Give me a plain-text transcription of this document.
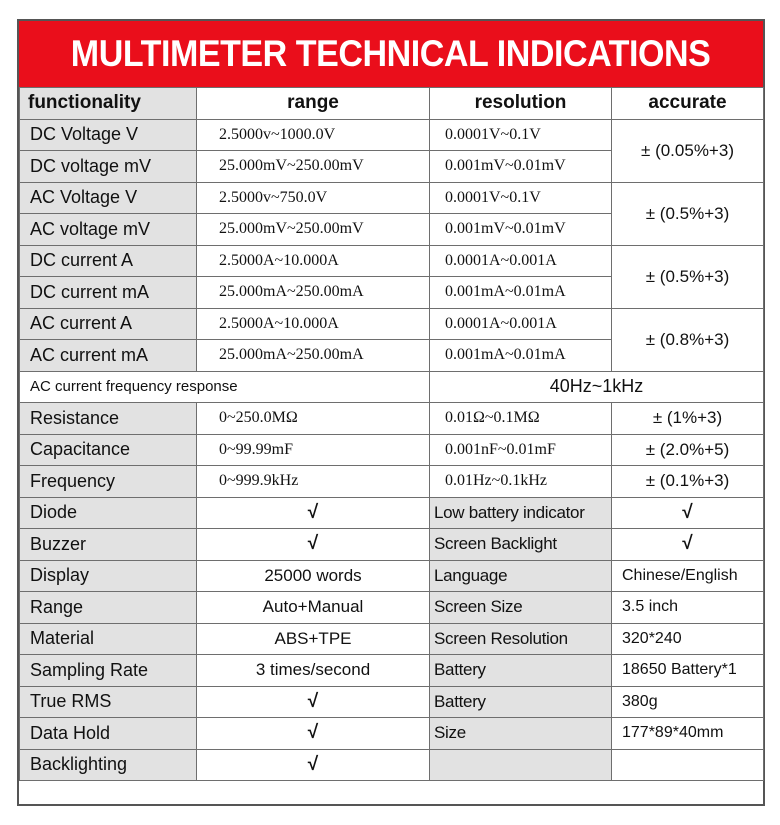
MULTIMETER TECHNICAL INDICATIONS
functionality	range	resolution	accurate
DC Voltage V	2.5000v~1000.0V	0.0001V~0.1V	± (0.05%+3)
DC voltage mV	25.000mV~250.00mV	0.001mV~0.01mV	
AC Voltage V	2.5000v~750.0V	0.0001V~0.1V	± (0.5%+3)
AC voltage mV	25.000mV~250.00mV	0.001mV~0.01mV	
DC current A	2.5000A~10.000A	0.0001A~0.001A	± (0.5%+3)
DC current mA	25.000mA~250.00mA	0.001mA~0.01mA	
AC current A	2.5000A~10.000A	0.0001A~0.001A	± (0.8%+3)
AC current mA	25.000mA~250.00mA	0.001mA~0.01mA	
AC current frequency response		40Hz~1kHz	
Resistance	0~250.0MΩ	0.01Ω~0.1MΩ	± (1%+3)
Capacitance	0~99.99mF	0.001nF~0.01mF	± (2.0%+5)
Frequency	0~999.9kHz	0.01Hz~0.1kHz	± (0.1%+3)
Diode	√	Low battery indicator	√
Buzzer	√	Screen Backlight	√
Display	25000 words	Language	Chinese/English
Range	Auto+Manual	Screen Size	3.5 inch
Material	ABS+TPE	Screen Resolution	320*240
Sampling Rate	3 times/second	Battery	18650 Battery*1
True RMS	√	Battery	380g
Data Hold	√	Size	177*89*40mm
Backlighting	√		
